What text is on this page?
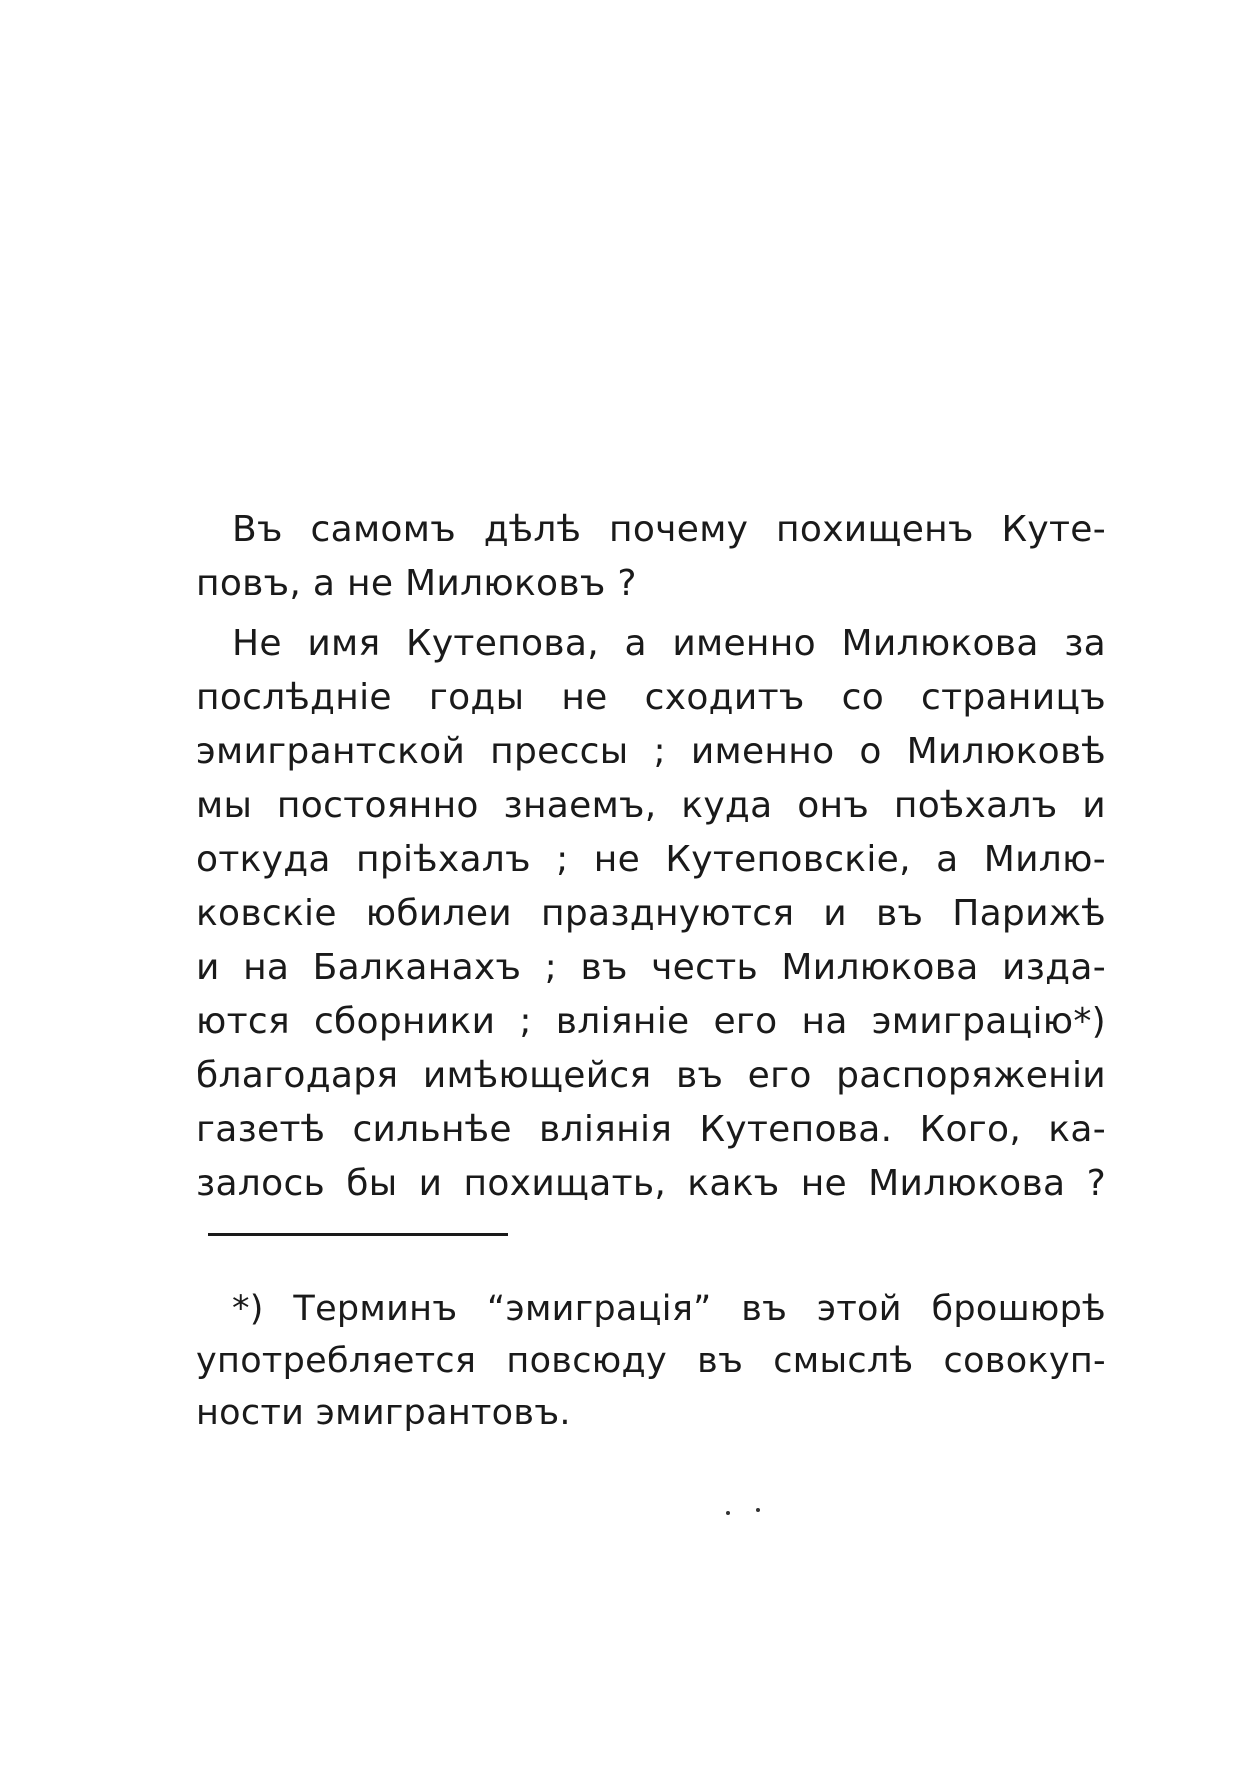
Въ самомъ дѣлѣ почему похищенъ Куте-
повъ, а не Милюковъ ?
Не имя Кутепова, а именно Милюкова за
послѣдніе годы не сходитъ со страницъ
эмигрантской прессы ; именно о Милюковѣ
мы постоянно знаемъ, куда онъ поѣхалъ и
откуда пріѣхалъ ; не Кутеповскіе, а Милю-
ковскіе юбилеи празднуются и въ Парижѣ
и на Балканахъ ; въ честь Милюкова изда-
ются сборники ; вліяніе его на эмиграцію*)
благодаря имѣющейся въ его распоряженіи
газетѣ сильнѣе вліянія Кутепова. Кого, ка-
залось бы и похищать, какъ не Милюкова ?
*) Терминъ “эмиграція” въ этой брошюрѣ
употребляется повсюду въ смыслѣ совокуп-
ности эмигрантовъ.
